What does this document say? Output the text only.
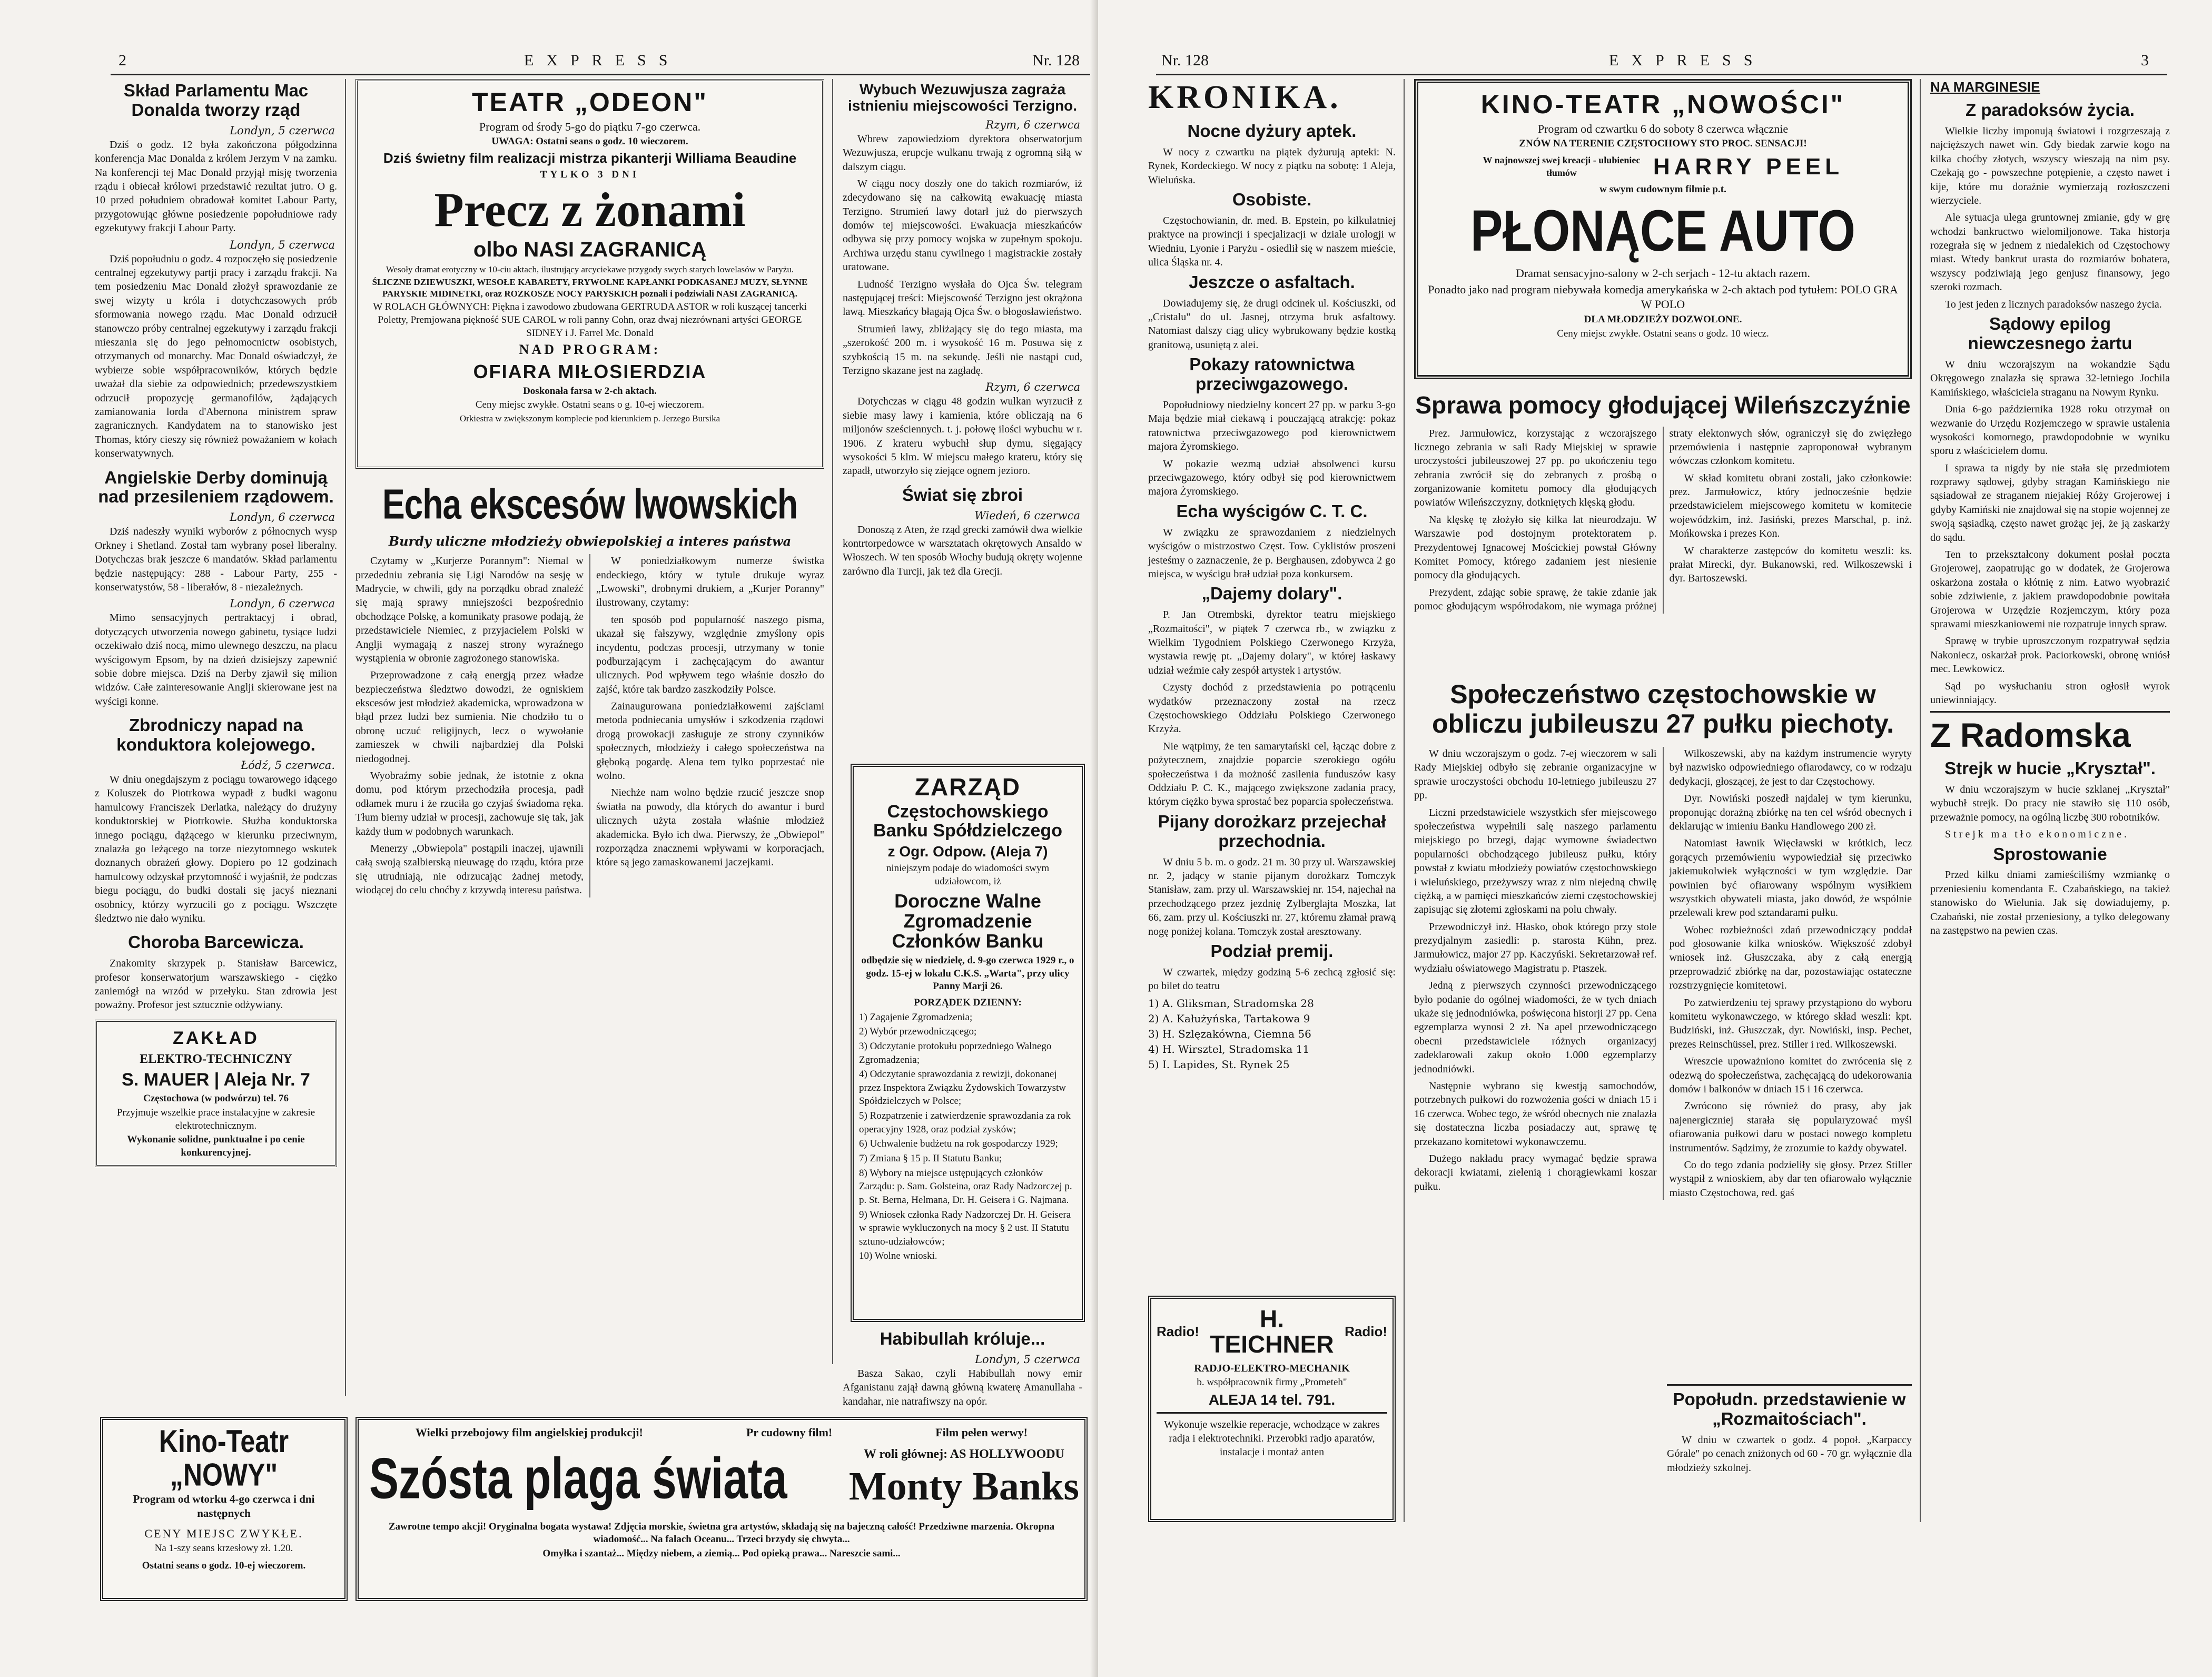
2	EXPRESS	Nr. 128
Skład Parlamentu Mac Donalda tworzy rząd
Londyn, 5 czerwca

Dziś o godz. 12 była zakończona półgodzinna konferencja Mac Donalda z królem Jerzym V na zamku. Na konferencji tej Mac Donald przyjął misję tworzenia rządu i obiecał królowi przedstawić rezultat jutro. O g. 10 przed południem obradował komitet Labour Party, przygotowując główne posiedzenie popołudniowe rady egzekutywy frakcji Labour Party.

Londyn, 5 czerwca

Dziś popołudniu o godz. 4 rozpoczęło się posiedzenie centralnej egzekutywy partji pracy i zarządu frakcji. Na tem posiedzeniu Mac Donald złożył sprawozdanie ze swej wizyty u króla i dotychczasowych prób sformowania nowego rządu. Mac Donald odrzucił stanowczo próby centralnej egzekutywy i zarządu frakcji mieszania się do jego pełnomocnictw osobistych, otrzymanych od monarchy. Mac Donald oświadczył, że wybierze sobie współpracowników, których będzie uważał dla siebie za odpowiednich; przedewszystkiem odrzucił propozycję germanofilów, żądających zamianowania lorda d'Abernona ministrem spraw zagranicznych. Kandydatem na to stanowisko jest Thomas, który cieszy się również poważaniem w kołach konserwatywnych.

Angielskie Derby dominują nad przesileniem rządowem.
Londyn, 6 czerwca

Dziś nadeszły wyniki wyborów z północnych wysp Orkney i Shetland. Został tam wybrany poseł liberalny. Dotychczas brak jeszcze 6 mandatów. Skład parlamentu będzie następujący: 288 - Labour Party, 255 - konserwatystów, 58 - liberałów, 8 - niezależnych.

Londyn, 6 czerwca

Mimo sensacyjnych pertraktacyj i obrad, dotyczących utworzenia nowego gabinetu, tysiące ludzi oczekiwało dziś nocą, mimo ulewnego deszczu, na placu wyścigowym Epsom, by na dzień dzisiejszy zapewnić sobie dobre miejsca. Dziś na Derby zjawił się milion widzów. Całe zainteresowanie Anglji skierowane jest na wyścigi konne.

Zbrodniczy napad na konduktora kolejowego.
Łódź, 5 czerwca.

W dniu onegdajszym z pociągu towarowego idącego z Koluszek do Piotrkowa wypadł z budki wagonu hamulcowy Franciszek Derlatka, należący do drużyny konduktorskiej w Piotrkowie. Służba konduktorska innego pociągu, dążącego w kierunku przeciwnym, znalazła go leżącego na torze niezytomnego wskutek doznanych obrażeń głowy. Dopiero po 12 godzinach hamulcowy odzyskał przytomność i wyjaśnił, że podczas biegu pociągu, do budki dostali się jacyś nieznani osobnicy, którzy wyrzucili go z pociągu. Wszczęte śledztwo nie dało wyniku.

Choroba Barcewicza.

Znakomity skrzypek p. Stanisław Barcewicz, profesor konserwatorjum warszawskiego - ciężko zaniemógł na wrzód w przełyku. Stan zdrowia jest poważny. Profesor jest sztucznie odżywiany.

ZAKŁAD
ELEKTRO-TECHNICZNY
S. MAUER | Aleja Nr. 7
Częstochowa (w podwórzu) tel. 76
Przyjmuje wszelkie prace instalacyjne w zakresie elektrotechnicznym.
Wykonanie solidne, punktualne i po cenie konkurencyjnej.
TEATR „ODEON"
Program od środy 5-go do piątku 7-go czerwca.
UWAGA: Ostatni seans o godz. 10 wieczorem.
Dziś świetny film realizacji mistrza pikanterji Williama Beaudine
TYLKO 3 DNI
Precz z żonami
olbo NASI ZAGRANICĄ
Wesoły dramat erotyczny w 10-ciu aktach, ilustrujący arcyciekawe przygody swych starych lowelasów w Paryżu.
ŚLICZNE DZIEWUSZKI, WESOŁE KABARETY, FRYWOLNE KAPŁANKI PODKASANEJ MUZY, SŁYNNE PARYSKIE MIDINETKI, oraz ROZKOSZE NOCY PARYSKICH poznali i podziwiali NASI ZAGRANICĄ.
W ROLACH GŁÓWNYCH: Piękna i zawodowo zbudowana GERTRUDA ASTOR w roli kuszącej tancerki Poletty, Premjowana piękność SUE CAROL w roli panny Cohn, oraz dwaj niezrównani artyści GEORGE SIDNEY i J. Farrel Mc. Donald
NAD PROGRAM:
OFIARA MIŁOSIERDZIA
Doskonała farsa w 2-ch aktach.
Ceny miejsc zwykłe. Ostatni seans o g. 10-ej wieczorem.
Orkiestra w zwiększonym komplecie pod kierunkiem p. Jerzego Bursika
Echa ekscesów lwowskich
Burdy uliczne młodzieży obwiepolskiej a interes państwa

Czytamy w „Kurjerze Porannym": Niemal w przededniu zebrania się Ligi Narodów na sesję w Madrycie, w chwili, gdy na porządku obrad znaleźć się mają sprawy mniejszości bezpośrednio obchodzące Polskę, a komunikaty prasowe podają, że przedstawiciele Niemiec, z przyjacielem Polski w Anglji wymagają z naszej strony wyraźnego wystąpienia w obronie zagrożonego stanowiska.

Przeprowadzone z całą energją przez władze bezpieczeństwa śledztwo dowodzi, że ogniskiem ekscesów jest młodzież akademicka, wprowadzona w błąd przez ludzi bez sumienia. Nie chodziło tu o obronę uczuć religijnych, lecz o wywołanie zamieszek w chwili najbardziej dla Polski niedogodnej.

Wyobraźmy sobie jednak, że istotnie z okna domu, pod którym przechodziła procesja, padł odłamek muru i że rzuciła go czyjaś świadoma ręka. Tłum bierny udział w procesji, zachowuje się tak, jak każdy tłum w podobnych warunkach.

Menerzy „Obwiepola" postąpili inaczej, ujawnili całą swoją szalbierską nieuwagę do rządu, która prze się utrudniają, nie odrzucając żadnej metody, wiodącej do celu choćby z krzywdą interesu państwa.

W poniedziałkowym numerze świstka endeckiego, który w tytule drukuje wyraz „Lwowski", drobnymi drukiem, a „Kurjer Poranny" ilustrowany, czytamy:

ten sposób pod popularność naszego pisma, ukazał się fałszywy, względnie zmyślony opis incydentu, podczas procesji, utrzymany w tonie podburzającym i zachęcającym do awantur ulicznych. Pod wpływem tego właśnie doszło do zajść, które tak bardzo zaszkodziły Polsce.

Zainaugurowana poniedziałkowemi zajściami metoda podniecania umysłów i szkodzenia rządowi drogą prowokacji zasługuje ze strony czynników społecznych, młodzieży i całego społeczeństwa na głęboką pogardę. Alena tem tylko poprzestać nie wolno.

Niechże nam wolno będzie rzucić jeszcze snop światła na powody, dla których do awantur i burd ulicznych użyta została właśnie młodzież akademicka. Było ich dwa. Pierwszy, że „Obwiepol" rozporządza znacznemi wpływami w korporacjach, które są jego zamaskowanemi jaczejkami.

Wybuch Wezuwjusza zagraża istnieniu miejscowości Terzigno.
Rzym, 6 czerwca

Wbrew zapowiedziom dyrektora obserwatorjum Wezuwjusza, erupcje wulkanu trwają z ogromną siłą w dalszym ciągu.

W ciągu nocy doszły one do takich rozmiarów, iż zdecydowano się na całkowitą ewakuację miasta Terzigno. Strumień lawy dotarł już do pierwszych domów tej miejscowości. Ewakuacja mieszkańców odbywa się przy pomocy wojska w zupełnym spokoju. Archiwa urzędu stanu cywilnego i magistrackie zostały uratowane.

Ludność Terzigno wysłała do Ojca Św. telegram następującej treści: Miejscowość Terzigno jest okrążona lawą. Mieszkańcy błagają Ojca Św. o błogosławieństwo.

Strumień lawy, zbliżający się do tego miasta, ma „szerokość 200 m. i wysokość 16 m. Posuwa się z szybkością 15 m. na sekundę. Jeśli nie nastąpi cud, Terzigno skazane jest na zagładę.

Rzym, 6 czerwca

Dotychczas w ciągu 48 godzin wulkan wyrzucił z siebie masy lawy i kamienia, które obliczają na 6 miljonów sześciennych. t. j. połowę ilości wybuchu w r. 1906. Z krateru wybuchł słup dymu, sięgający wysokości 5 klm. W miejscu małego krateru, który się zapadł, utworzyło się ziejące ognem jezioro.

Świat się zbroi
Wiedeń, 6 czerwca

Donoszą z Aten, że rząd grecki zamówił dwa wielkie kontrtorpedowce w warsztatach okrętowych Ansaldo w Włoszech. W ten sposób Włochy budują okręty wojenne zarówno dla Turcji, jak też dla Grecji.

ZARZĄD
Częstochowskiego Banku Spółdzielczego
z Ogr. Odpow. (Aleja 7)
niniejszym podaje do wiadomości swym udziałowcom, iż
Doroczne Walne Zgromadzenie Członków Banku
odbędzie się w niedzielę, d. 9-go czerwca 1929 r., o godz. 15-ej w lokalu C.K.S. „Warta", przy ulicy Panny Marji 26.
PORZĄDEK DZIENNY:
1) Zagajenie Zgromadzenia;
2) Wybór przewodniczącego;
3) Odczytanie protokułu poprzedniego Walnego Zgromadzenia;
4) Odczytanie sprawozdania z rewizji, dokonanej przez Inspektora Związku Żydowskich Towarzystw Spółdzielczych w Polsce;
5) Rozpatrzenie i zatwierdzenie sprawozdania za rok operacyjny 1928, oraz podział zysków;
6) Uchwalenie budżetu na rok gospodarczy 1929;
7) Zmiana § 15 p. II Statutu Banku;
8) Wybory na miejsce ustępujących członków Zarządu: p. Sam. Golsteina, oraz Rady Nadzorczej p. p. St. Berna, Helmana, Dr. H. Geisera i G. Najmana.
9) Wniosek członka Rady Nadzorczej Dr. H. Geisera w sprawie wykluczonych na mocy § 2 ust. II Statutu sztuno-udziałowców;
10) Wolne wnioski.
Habibullah króluje...
Londyn, 5 czerwca

Basza Sakao, czyli Habibullah nowy emir Afganistanu zajął dawną główną kwaterę Amanullaha - kandahar, nie natrafiwszy na opór.

Kino-Teatr „NOWY"
Program od wtorku 4-go czerwca i dni następnych
CENY MIEJSC ZWYKŁE.
Na 1-szy seans krzesłowy zł. 1.20.
Ostatni seans o godz. 10-ej wieczorem.
Wielki przebojowy film angielskiej produkcji!	Pr cudowny film!	Film pełen werwy!
Szósta plaga świata	W roli głównej: AS HOLLYWOODU
Monty Banks
Zawrotne tempo akcji! Oryginalna bogata wystawa! Zdjęcia morskie, świetna gra artystów, składają się na bajeczną całość! Przedziwne marzenia. Okropna wiadomość... Na falach Oceanu... Trzeci brzydy się chwyta...
Omyłka i szantaż... Między niebem, a ziemią... Pod opieką prawa... Nareszcie sami...
Nr. 128	EXPRESS	3
KRONIKA.
Nocne dyżury aptek.

W nocy z czwartku na piątek dyżurują apteki: N. Rynek, Kordeckiego. W nocy z piątku na sobotę: 1 Aleja, Wieluńska.

Osobiste.

Częstochowianin, dr. med. B. Epstein, po kilkulatniej praktyce na prowincji i specjalizacji w dziale urologji w Wiedniu, Lyonie i Paryżu - osiedlił się w naszem mieście, ulica Śląska nr. 4.

Jeszcze o asfaltach.

Dowiadujemy się, że drugi odcinek ul. Kościuszki, od „Cristalu" do ul. Jasnej, otrzyma bruk asfaltowy. Natomiast dalszy ciąg ulicy wybrukowany będzie kostką granitową, usuniętą z alei.

Pokazy ratownictwa przeciwgazowego.

Popołudniowy niedzielny koncert 27 pp. w parku 3-go Maja będzie miał ciekawą i pouczającą atrakcję: pokaz ratownictwa przeciwgazowego pod kierownictwem majora Żyromskiego.

W pokazie wezmą udział absolwenci kursu przeciwgazowego, który odbył się pod kierownictwem majora Żyromskiego.

Echa wyścigów C. T. C.

W związku ze sprawozdaniem z niedzielnych wyścigów o mistrzostwo Częst. Tow. Cyklistów proszeni jesteśmy o zaznaczenie, że p. Berghausen, zdobywca 2 go miejsca, w wyścigu brał udział poza konkursem.

„Dajemy dolary".

P. Jan Otrembski, dyrektor teatru miejskiego „Rozmaitości", w piątek 7 czerwca rb., w związku z Wielkim Tygodniem Polskiego Czerwonego Krzyża, wystawia rewję pt. „Dajemy dolary", w której łaskawy udział weźmie cały zespół artystek i artystów.

Czysty dochód z przedstawienia po potrąceniu wydatków przeznaczony został na rzecz Częstochowskiego Oddziału Polskiego Czerwonego Krzyża.

Nie wątpimy, że ten samarytański cel, łącząc dobre z pożytecznem, znajdzie poparcie szerokiego ogółu społeczeństwa i da możność zasilenia funduszów kasy Oddziału P. C. K., mającego zwiększone zadania pracy, którym ciężko bywa sprostać bez poparcia społeczeństwa.

Pijany dorożkarz przejechał przechodnia.

W dniu 5 b. m. o godz. 21 m. 30 przy ul. Warszawskiej nr. 2, jadący w stanie pijanym dorożkarz Tomczyk Stanisław, zam. przy ul. Warszawskiej nr. 154, najechał na przechodzącego przez jezdnię Zylberglajta Moszka, lat 66, zam. przy ul. Kościuszki nr. 27, któremu złamał prawą nogę poniżej kolana. Tomczyk został aresztowany.

Podział premij.

W czwartek, między godziną 5-6 zechcą zgłosić się: po bilet do teatru

1) A. Gliksman, Stradomska 28
2) A. Kałużyńska, Tartakowa 9
3) H. Szlęzakówna, Ciemna 56
4) H. Wirsztel, Stradomska 11
5) I. Lapides, St. Rynek 25
Radio!	H. TEICHNER Radio!
RADJO-ELEKTRO-MECHANIK
b. współpracownik firmy „Prometeh"
ALEJA 14 tel. 791.
Wykonuje wszelkie reperacje, wchodzące w zakres radja i elektrotechniki. Przerobki radjo aparatów, instalacje i montaż anten
KINO-TEATR „NOWOŚCI"
Program od czwartku 6 do soboty 8 czerwca włącznie
ZNÓW NA TERENIE CZĘSTOCHOWY STO PROC. SENSACJI!
W najnowszej swej kreacji - ulubieniec tłumów	HARRY PEEL
w swym cudownym filmie p.t.
PŁONĄCE AUTO
Dramat sensacyjno-salony w 2-ch serjach - 12-tu aktach razem.
Ponadto jako nad program niebywała komedja amerykańska w 2-ch aktach pod tytułem: POLO GRA W POLO
DLA MŁODZIEŻY DOZWOLONE.
Ceny miejsc zwykłe. Ostatni seans o godz. 10 wiecz.
Sprawa pomocy głodującej Wileńszczyźnie

Prez. Jarmułowicz, korzystając z wczorajszego licznego zebrania w sali Rady Miejskiej w sprawie uroczystości jubileuszowej 27 pp. po ukończeniu tego zebrania zwrócił się do zebranych z prośbą o zorganizowanie komitetu pomocy dla głodujących powiatów Wileńszczyzny, dotkniętych klęską głodu.

Na klęskę tę złożyło się kilka lat nieurodzaju. W Warszawie pod dostojnym protektoratem p. Prezydentowej Ignacowej Mościckiej powstał Główny Komitet Pomocy, którego zadaniem jest niesienie pomocy dla głodujących.

Prezydent, zdając sobie sprawę, że takie zdanie jak pomoc głodującym współrodakom, nie wymaga próżnej straty elektonwych słów, ograniczył się do zwięzłego przemówienia i następnie zaproponował wybranym wówczas członkom komitetu.

W skład komitetu obrani zostali, jako członkowie: prez. Jarmułowicz, który jednocześnie będzie przedstawicielem miejscowego komitetu w komitecie wojewódzkim, inż. Jasiński, prezes Marschal, p. inż. Mońkowska i prezes Kon.

W charakterze zastępców do komitetu weszli: ks. prałat Mirecki, dyr. Bukanowski, red. Wilkoszewski i dyr. Bartoszewski.

Społeczeństwo częstochowskie w obliczu jubileuszu 27 pułku piechoty.

W dniu wczorajszym o godz. 7-ej wieczorem w sali Rady Miejskiej odbyło się zebranie organizacyjne w sprawie uroczystości obchodu 10-letniego jubileuszu 27 pp.

Liczni przedstawiciele wszystkich sfer miejscowego społeczeństwa wypełnili salę naszego parlamentu miejskiego po brzegi, dając wymowne świadectwo popularności obchodzącego jubileusz pułku, który powstał z kwiatu młodzieży powiatów częstochowskiego i wieluńskiego, przeżywszy wraz z nim niejedną chwilę ciężką, a w pamięci mieszkańców ziemi częstochowskiej zapisując się złotemi zgłoskami na polu chwały.

Przewodniczył inż. Hłasko, obok którego przy stole prezydjalnym zasiedli: p. starosta Kühn, prez. Jarmułowicz, major 27 pp. Kaczyński. Sekretarzował ref. wydziału oświatowego Magistratu p. Ptaszek.

Jedną z pierwszych czynności przewodniczącego było podanie do ogólnej wiadomości, że w tych dniach ukaże się jednodniówka, poświęcona historji 27 pp. Cena egzemplarza wynosi 2 zł. Na apel przewodniczącego obecni przedstawiciele różnych organizacyj zadeklarowali zakup około 1.000 egzemplarzy jednodniówki.

Następnie wybrano się kwestją samochodów, potrzebnych pułkowi do rozwożenia gości w dniach 15 i 16 czerwca. Wobec tego, że wśród obecnych nie znalazła się dostateczna liczba posiadaczy aut, sprawę tę przekazano komitetowi wykonawczemu.

Dużego nakładu pracy wymagać będzie sprawa dekoracji kwiatami, zielenią i chorągiewkami koszar pułku.

Wilkoszewski, aby na każdym instrumencie wyryty był nazwisko odpowiedniego ofiarodawcy, co w rodzaju dedykacji, głoszącej, że jest to dar Częstochowy.

Dyr. Nowiński poszedł najdalej w tym kierunku, proponując dorażną zbiórkę na ten cel wśród obecnych i deklarując w imieniu Banku Handlowego 200 zł.

Natomiast ławnik Więcławski w krótkich, lecz gorących przemówieniu wypowiedział się przeciwko jakiemukolwiek wyłączności w tym względzie. Dar powinien być ofiarowany wspólnym wysiłkiem wszystkich obywateli miasta, jako dowód, że wspólnie przelewali krew pod sztandarami pułku.

Wobec rozbieżności zdań przewodniczący poddał pod głosowanie kilka wniosków. Większość zdobył wniosek inż. Głuszczaka, aby z całą energją przeprowadzić zbiórkę na dar, pozostawiając ostateczne rozstrzygnięcie komitetowi.

Po zatwierdzeniu tej sprawy przystąpiono do wyboru komitetu wykonawczego, w którego skład weszli: kpt. Budziński, inż. Głuszczak, dyr. Nowiński, insp. Pechet, prezes Reinschüssel, prez. Stiller i red. Wilkoszewski.

Wreszcie upoważniono komitet do zwrócenia się z odezwą do społeczeństwa, zachęcającą do udekorowania domów i balkonów w dniach 15 i 16 czerwca.

Zwrócono się również do prasy, aby jak najenergiczniej starała się popularyzować myśl ofiarowania pułkowi daru w postaci nowego kompletu instrumentów. Sądzimy, że zrozumie to każdy obywatel.

Co do tego zdania podzieliły się głosy. Przez Stiller wystąpił z wnioskiem, aby dar ten ofiarowało wyłącznie miasto Częstochowa, red. gaś

Popołudn. przedstawienie w „Rozmaitościach".

W dniu w czwartek o godz. 4 popoł. „Karpaccy Górale" po cenach zniżonych od 60 - 70 gr. wyłącznie dla młodzieży szkolnej.

NA MARGINESIE
Z paradoksów życia.

Wielkie liczby imponują światowi i rozgrzeszają z najcięższych nawet win. Gdy biedak zarwie kogo na kilka choćby złotych, wszyscy wieszają na nim psy. Czekają go - powszechne potępienie, a często nawet i kije, które mu doraźnie wymierzają rozłoszczeni wierzyciele.

Ale sytuacja ulega gruntownej zmianie, gdy w grę wchodzi bankructwo wielomiljonowe. Taka historja rozegrała się w jednem z niedalekich od Częstochowy miast. Wtedy bankrut urasta do rozmiarów bohatera, wszyscy podziwiają jego genjusz finansowy, jego szeroki rozmach.

To jest jeden z licznych paradoksów naszego życia.

Sądowy epilog niewczesnego żartu

W dniu wczorajszym na wokandzie Sądu Okręgowego znalazła się sprawa 32-letniego Jochila Kamińskiego, właściciela straganu na Nowym Rynku.

Dnia 6-go października 1928 roku otrzymał on wezwanie do Urzędu Rozjemczego w sprawie ustalenia wysokości komornego, prawdopodobnie w wyniku sporu z właścicielem domu.

I sprawa ta nigdy by nie stała się przedmiotem rozprawy sądowej, gdyby stragan Kamińskiego nie sąsiadował ze straganem niejakiej Róży Grojerowej i gdyby Kamiński nie znajdował się na stopie wojennej ze swoją sąsiadką, często nawet grożąc jej, że ją zaskarży do sądu.

Ten to przekształcony dokument posłał poczta Grojerowej, zaopatrując go w dodatek, że Grojerowa oskarżona została o kłótnię z nim. Łatwo wyobrazić sobie zdziwienie, z jakiem prawdopodobnie powitała Grojerowa w Urzędzie Rozjemczym, który poza sprawami mieszkaniowemi nie rozpatruje innych spraw.

Sprawę w trybie uproszczonym rozpatrywał sędzia Nakoniecz, oskarżał prok. Paciorkowski, obronę wniósł mec. Lewkowicz.

Sąd po wysłuchaniu stron ogłosił wyrok uniewinniający.

Z Radomska
Strejk w hucie „Kryształ".

W dniu wczorajszym w hucie szklanej „Kryształ" wybuchł strejk. Do pracy nie stawiło się 110 osób, przeważnie pomocy, na ogólną liczbę 300 robotników.

Strejk ma tło ekonomiczne.

Sprostowanie

Przed kilku dniami zamieściliśmy wzmiankę o przeniesieniu komendanta E. Czabańskiego, na takież stanowisko do Wielunia. Jak się dowiadujemy, p. Czabański, nie został przeniesiony, a tylko delegowany na zastępstwo na pewien czas.
